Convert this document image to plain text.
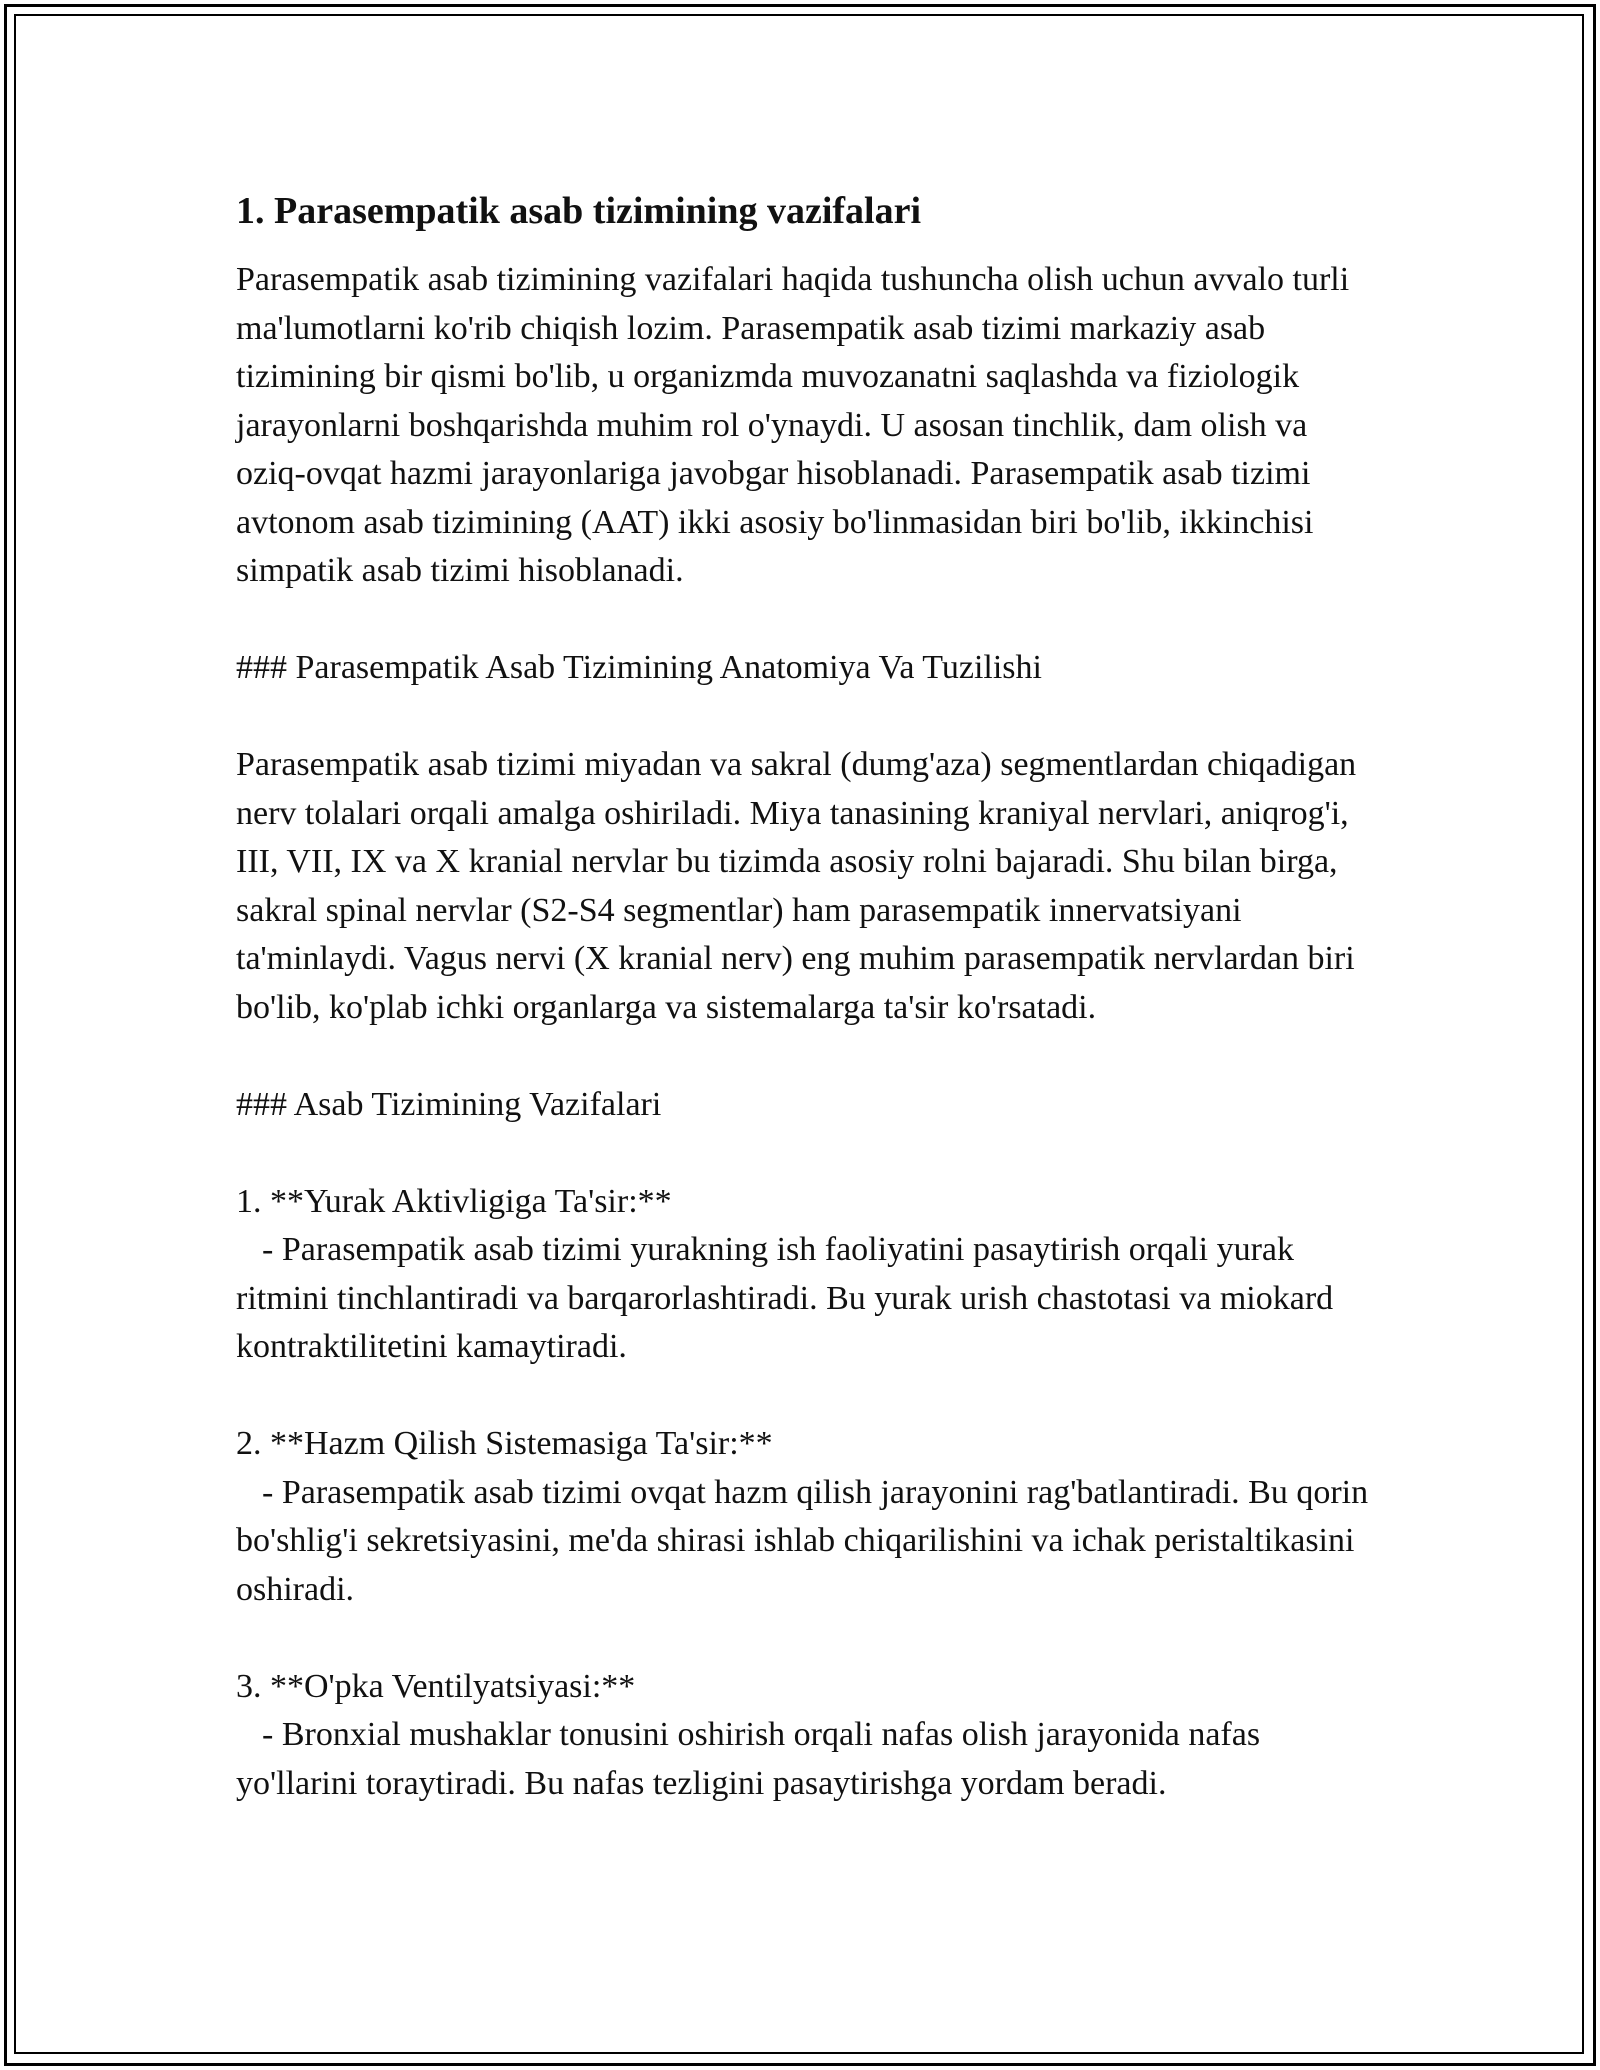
1. Parasempatik asab tizimining vazifalari

Parasempatik asab tizimining vazifalari haqida tushuncha olish uchun avvalo turli ma'lumotlarni ko'rib chiqish lozim. Parasempatik asab tizimi markaziy asab tizimining bir qismi bo'lib, u organizmda muvozanatni saqlashda va fiziologik jarayonlarni boshqarishda muhim rol o'ynaydi. U asosan tinchlik, dam olish va oziq-ovqat hazmi jarayonlariga javobgar hisoblanadi. Parasempatik asab tizimi avtonom asab tizimining (AAT) ikki asosiy bo'linmasidan biri bo'lib, ikkinchisi simpatik asab tizimi hisoblanadi.

### Parasempatik Asab Tizimining Anatomiya Va Tuzilishi

Parasempatik asab tizimi miyadan va sakral (dumg'aza) segmentlardan chiqadigan nerv tolalari orqali amalga oshiriladi. Miya tanasining kraniyal nervlari, aniqrog'i, III, VII, IX va X kranial nervlar bu tizimda asosiy rolni bajaradi. Shu bilan birga, sakral spinal nervlar (S2-S4 segmentlar) ham parasempatik innervatsiyani ta'minlaydi. Vagus nervi (X kranial nerv) eng muhim parasempatik nervlardan biri bo'lib, ko'plab ichki organlarga va sistemalarga ta'sir ko'rsatadi.

### Asab Tizimining Vazifalari

1. **Yurak Aktivligiga Ta'sir:**

- Parasempatik asab tizimi yurakning ish faoliyatini pasaytirish orqali yurak ritmini tinchlantiradi va barqarorlashtiradi. Bu yurak urish chastotasi va miokard kontraktilitetini kamaytiradi.

2. **Hazm Qilish Sistemasiga Ta'sir:**

- Parasempatik asab tizimi ovqat hazm qilish jarayonini rag'batlantiradi. Bu qorin bo'shlig'i sekretsiyasini, me'da shirasi ishlab chiqarilishini va ichak peristaltikasini oshiradi.

3. **O'pka Ventilyatsiyasi:**

- Bronxial mushaklar tonusini oshirish orqali nafas olish jarayonida nafas yo'llarini toraytiradi. Bu nafas tezligini pasaytirishga yordam beradi.
